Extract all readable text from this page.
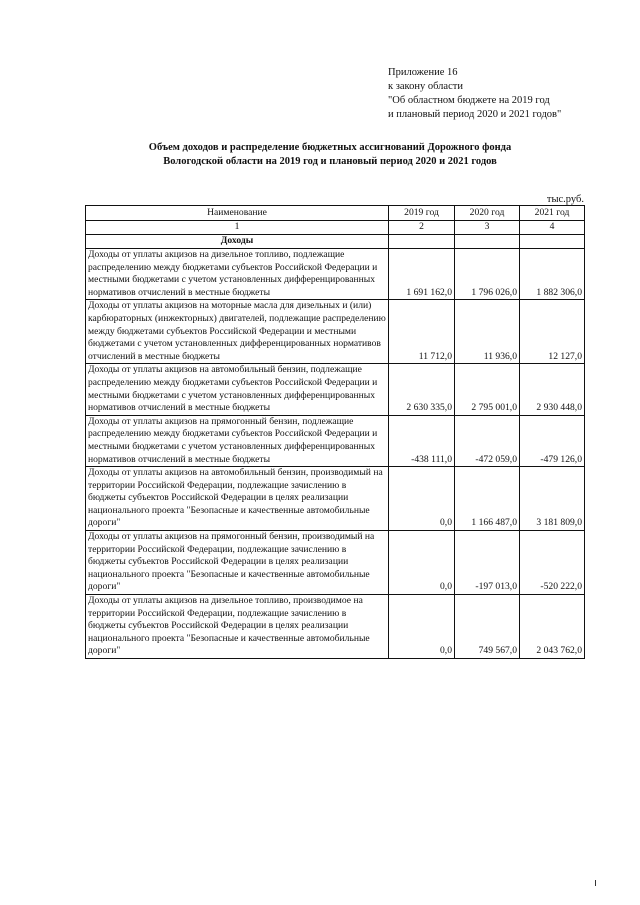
Приложение 16
к закону области
"Об областном бюджете на 2019 год
и плановый период 2020 и 2021 годов"
Объем доходов и распределение бюджетных ассигнований Дорожного фонда
Вологодской области на 2019 год и плановый период 2020 и 2021 годов
тыс.руб.
Наименование	2019 год	2020 год	2021 год
1	2	3	4
Доходы			
Доходы от уплаты акцизов на дизельное топливо, подлежащие распределению между бюджетами субъектов Российской Федерации и местными бюджетами с учетом установленных дифференцированных нормативов отчислений в местные бюджеты	1 691 162,0	1 796 026,0	1 882 306,0
Доходы от уплаты акцизов на моторные масла для дизельных и (или) карбюраторных (инжекторных) двигателей, подлежащие распределению между бюджетами субъектов Российской Федерации и местными бюджетами с учетом установленных дифференцированных нормативов отчислений в местные бюджеты	11 712,0	11 936,0	12 127,0
Доходы от уплаты акцизов на автомобильный бензин, подлежащие распределению между бюджетами субъектов Российской Федерации и местными бюджетами с учетом установленных дифференцированных нормативов отчислений в местные бюджеты	2 630 335,0	2 795 001,0	2 930 448,0
Доходы от уплаты акцизов на прямогонный бензин, подлежащие распределению между бюджетами субъектов Российской Федерации и местными бюджетами с учетом установленных дифференцированных нормативов отчислений в местные бюджеты	-438 111,0	-472 059,0	-479 126,0
Доходы от уплаты акцизов на автомобильный бензин, производимый на территории Российской Федерации, подлежащие зачислению в бюджеты субъектов Российской Федерации в целях реализации национального проекта "Безопасные и качественные автомобильные дороги"	0,0	1 166 487,0	3 181 809,0
Доходы от уплаты акцизов на прямогонный бензин, производимый на территории Российской Федерации, подлежащие зачислению в бюджеты субъектов Российской Федерации в целях реализации национального проекта "Безопасные и качественные автомобильные дороги"	0,0	-197 013,0	-520 222,0
Доходы от уплаты акцизов на дизельное топливо, производимое на территории Российской Федерации, подлежащие зачислению в бюджеты субъектов Российской Федерации в целях реализации национального проекта "Безопасные и качественные автомобильные дороги"	0,0	749 567,0	2 043 762,0
